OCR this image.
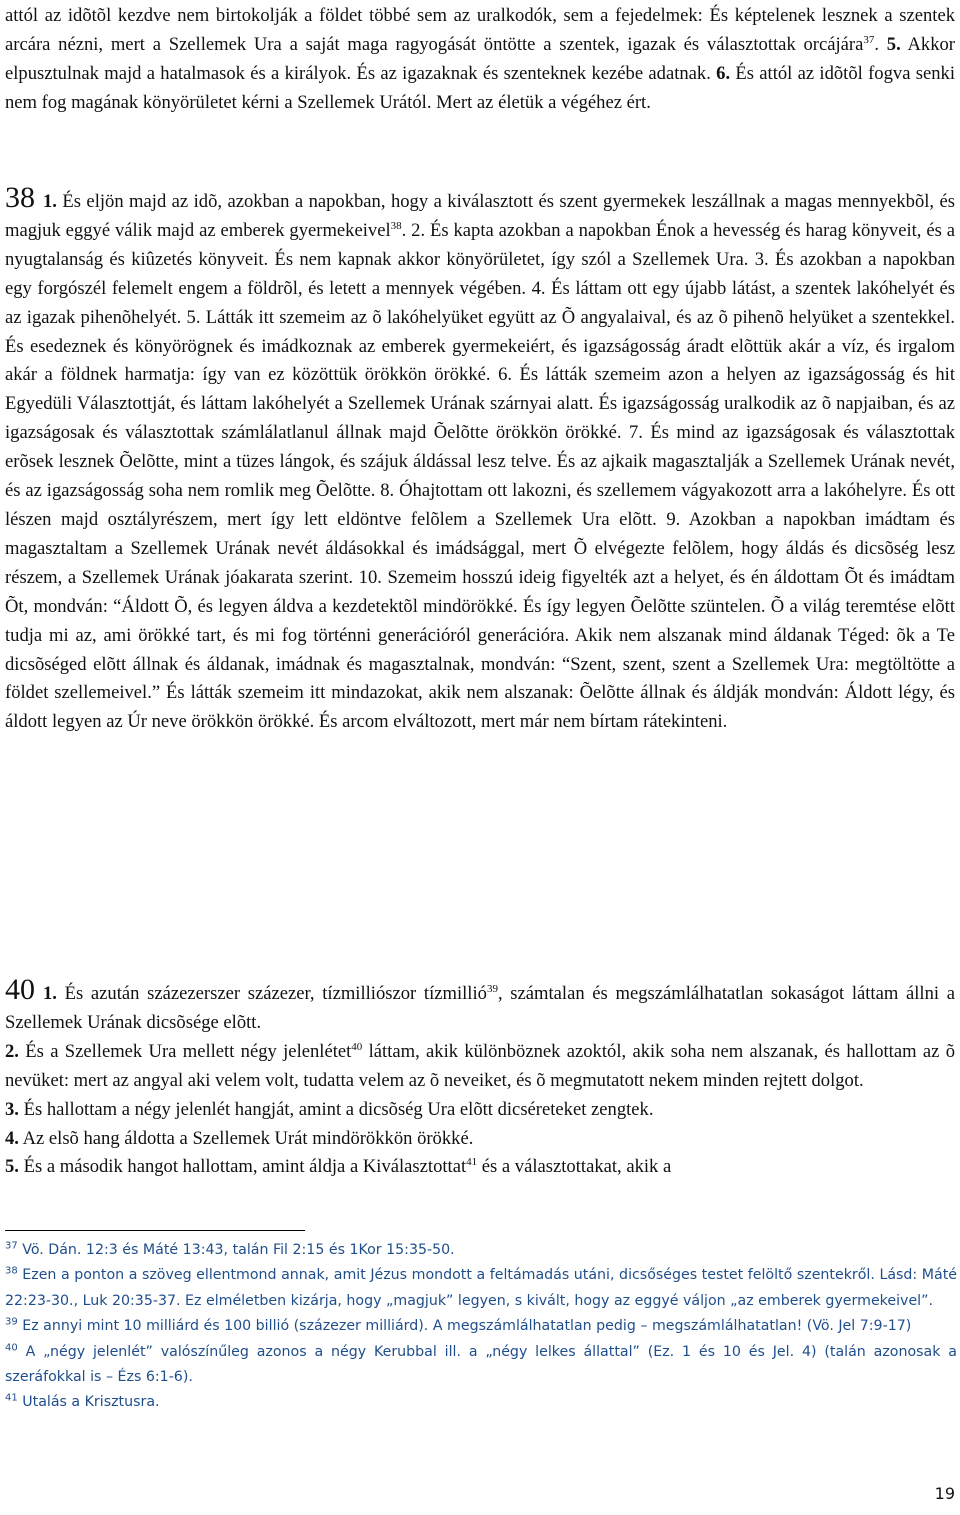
attól az idõtõl kezdve nem birtokolják a földet többé sem az uralkodók, sem a fejedelmek: És képtelenek lesznek a szentek arcára nézni, mert a Szellemek Ura a saját maga ragyogását öntötte a szentek, igazak és választottak orcájára$^{37}$. 5. Akkor elpusztulnak majd a hatalmasok és a királyok. És az igazaknak és szenteknek kezébe adatnak. 6. És attól az idõtõl fogva senki nem fog magának könyörületet kérni a Szellemek Urától. Mert az életük a végéhez ért.

38 1. És eljön majd az idõ, azokban a napokban, hogy a kiválasztott és szent gyermekek leszállnak a magas mennyekbõl, és magjuk eggyé válik majd az emberek gyermekeivel$^{38}$. 2. És kapta azokban a napokban Énok a hevesség és harag könyveit, és a nyugtalanság és kiûzetés könyveit. És nem kapnak akkor könyörületet, így szól a Szellemek Ura. 3. És azokban a napokban egy forgószél felemelt engem a földrõl, és letett a mennyek végében. 4. És láttam ott egy újabb látást, a szentek lakóhelyét és az igazak pihenõhelyét. 5. Látták itt szemeim az õ lakóhelyüket együtt az Õ angyalaival, és az õ pihenõ helyüket a szentekkel. És esedeznek és könyörögnek és imádkoznak az emberek gyermekeiért, és igazságosság áradt elõttük akár a víz, és irgalom akár a földnek harmatja: így van ez közöttük örökkön örökké. 6. És látták szemeim azon a helyen az igazságosság és hit Egyedüli Választottját, és láttam lakóhelyét a Szellemek Urának szárnyai alatt. És igazságosság uralkodik az õ napjaiban, és az igazságosak és választottak számlálatlanul állnak majd Õelõtte örökkön örökké. 7. És mind az igazságosak és választottak erõsek lesznek Õelõtte, mint a tüzes lángok, és szájuk áldással lesz telve. És az ajkaik magasztalják a Szellemek Urának nevét, és az igazságosság soha nem romlik meg Õelõtte. 8. Óhajtottam ott lakozni, és szellemem vágyakozott arra a lakóhelyre. És ott lészen majd osztályrészem, mert így lett eldöntve felõlem a Szellemek Ura elõtt. 9. Azokban a napokban imádtam és magasztaltam a Szellemek Urának nevét áldásokkal és imádsággal, mert Õ elvégezte felõlem, hogy áldás és dicsõség lesz részem, a Szellemek Urának jóakarata szerint. 10. Szemeim hosszú ideig figyelték azt a helyet, és én áldottam Õt és imádtam Õt, mondván: “Áldott Õ, és legyen áldva a kezdetektõl mindörökké. És így legyen Õelõtte szüntelen. Õ a világ teremtése elõtt tudja mi az, ami örökké tart, és mi fog történni generációról generációra. Akik nem alszanak mind áldanak Téged: õk a Te dicsõséged elõtt állnak és áldanak, imádnak és magasztalnak, mondván: “Szent, szent, szent a Szellemek Ura: megtöltötte a földet szellemeivel.” És látták szemeim itt mindazokat, akik nem alszanak: Õelõtte állnak és áldják mondván: Áldott légy, és áldott legyen az Úr neve örökkön örökké. És arcom elváltozott, mert már nem bírtam rátekinteni.

40 1. És azután százezerszer százezer, tízmilliószor tízmillió$^{39}$, számtalan és megszámlálhatatlan sokaságot láttam állni a Szellemek Urának dicsõsége elõtt.

2. És a Szellemek Ura mellett négy jelenlétet$^{40}$ láttam, akik különböznek azoktól, akik soha nem alszanak, és hallottam az õ nevüket: mert az angyal aki velem volt, tudatta velem az õ neveiket, és õ megmutatott nekem minden rejtett dolgot.

3. És hallottam a négy jelenlét hangját, amint a dicsõség Ura elõtt dicséreteket zengtek.

4. Az elsõ hang áldotta a Szellemek Urát mindörökkön örökké.

5. És a második hangot hallottam, amint áldja a Kiválasztottat$^{41}$ és a választottakat, akik a

$^{37}$ Vö. Dán. 12:3 és Máté 13:43, talán Fil 2:15 és 1Kor 15:35-50.

$^{38}$ Ezen a ponton a szöveg ellentmond annak, amit Jézus mondott a feltámadás utáni, dicsőséges testet felöltő szentekről. Lásd: Máté 22:23-30., Luk 20:35-37. Ez elméletben kizárja, hogy „magjuk” legyen, s kivált, hogy az eggyé váljon „az emberek gyermekeivel”.

$^{39}$ Ez annyi mint 10 milliárd és 100 billió (százezer milliárd). A megszámlálhatatlan pedig – megszámlálhatatlan! (Vö. Jel 7:9-17)

$^{40}$ A „négy jelenlét” valószínűleg azonos a négy Kerubbal ill. a „négy lelkes állattal” (Ez. 1 és 10 és Jel. 4) (talán azonosak a szeráfokkal is – Ézs 6:1-6).

$^{41}$ Utalás a Krisztusra.

19
